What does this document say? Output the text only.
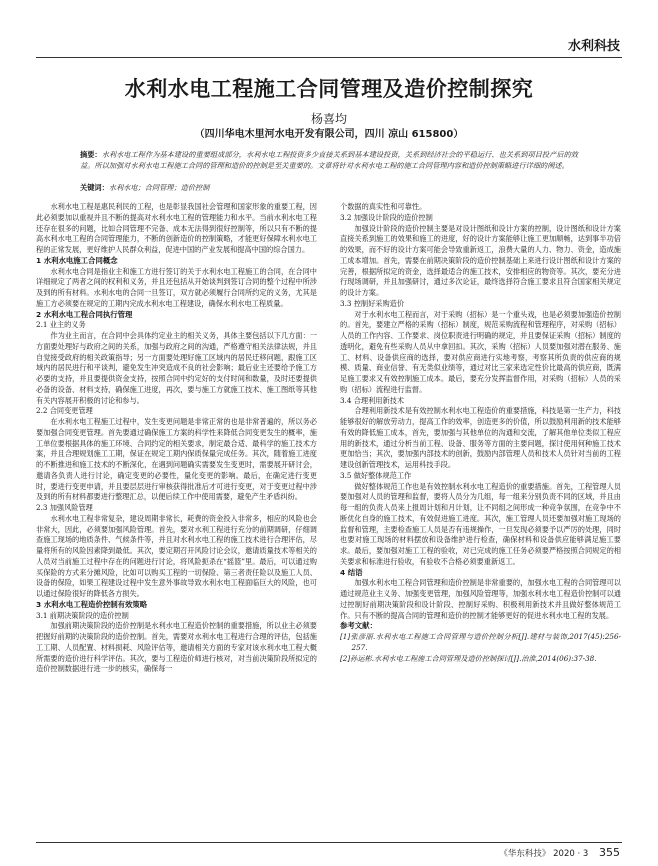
水利科技
水利水电工程施工合同管理及造价控制探究
杨喜均
（四川华电木里河水电开发有限公司，四川 凉山 615800）
摘要：水利水电工程作为基本建设的重要组成部分，水利水电工程投资多少直接关系到基本建设投资，关系到经济社会的平稳运行、也关系到项目投产后的效益。所以加强对水利水电工程施工合同的管理和造价的控制是至关重要的。文章将针对水利水电工程的施工合同管理内容和造价控制策略进行详细的阐述。
关键词：水利水电；合同管理；造价控制

水利水电工程是惠民利民的工程，也是彰显我国社会管理和国家形象的重要工程，因此必须要加以重视并且不断的提高对水利水电工程的管理能力和水平。当前水利水电工程还存在很多的问题，比如合同管理不完备、成本无法得到很好控制等，所以只有不断的提高水利水电工程的合同管理能力，不断的创新造价的控制策略，才能更好保障水利水电工程的正常发展，更好维护人民群众利益，促进中国的产业发展和提高中国的综合国力。

1 水利水电施工合同概念

水利水电合同是指业主和施工方进行签订的关于水利水电工程施工的合同，在合同中详细规定了两者之间的权利和义务，并且还包括从开始谈判到签订合同的整个过程中所涉及到的所有材料。水利水电的合同一旦签订，双方就必须履行合同所约定的义务，尤其是施工方必须要在规定的工期内完成水利水电工程建设，确保水利水电工程质量。

2 水利水电工程合同执行管理
2.1 业主的义务

作为业主而言，在合同中会具体约定业主的相关义务，具体主要包括以下几方面：一方面要处理好与政府之间的关系，加强与政府之间的沟通，严格遵守相关法律法规，并且自觉接受政府的相关政策指导；另一方面要处理好施工区域内的居民迁移问题，跟施工区域内的居民进行和平谈判，避免发生冲突造成不良的社会影响；最后业主还要给予施工方必要的支持，并且要提供资金支持，按照合同中约定好的支付时间和数量，及时还要提供必备的设备、材料支持，确保施工进度，再次，要与施工方就施工技术、施工图纸等其他有关内容展开积极的讨论和参与。

2.2 合同变更管理

在水利水电工程施工过程中，发生变更问题是非常正常的也是非常普遍的，所以务必要加强合同变更管理。首先要通过确保施工方案的科学性来降低合同变更发生的概率，施工单位要根据具体的施工环境、合同约定的相关要求，制定最合适、最科学的施工技术方案，并且合理规划施工工期，保证在规定工期内保质保量完成任务。其次，随着施工进度的不断推进和施工技术的不断深化，在遇到问题确实需要发生变更时，需要展开研讨会，邀请各负责人进行讨论，确定变更的必要性，量化变更的影响。最后，在确定进行变更时，要进行变更申请，并且要层层进行审核获得批准后才可进行变更，对于变更过程中涉及到的所有材料都要进行整理汇总，以便后续工作中使用需要，避免产生矛盾纠纷。

2.3 加强风险管理

水利水电工程非常复杂，建设周期非常长，耗费的资金投入非常多，相应的风险也会非常大，因此，必须要加强风险管理。首先，要对水利工程进行充分的前期调研，仔细调查施工现场的地质条件、气候条件等，并且对水利水电工程的施工技术进行合理评估，尽量将所有的风险因素降到最低。其次，要定期召开风险讨论会议，邀请质量技术等相关的人员对当前施工过程中存在的问题进行讨论，将风险扼杀在“摇篮”里。最后，可以通过购买保险的方式来分摊风险，比如可以购买工程的一切保险、第三者责任险以及施工人员、设备的保险，如果工程建设过程中发生意外事故导致水利水电工程面临巨大的风险，也可以通过保险很好的降低各方损失。

3 水利水电工程造价控制有效策略
3.1 前期决策阶段的造价控制

加强前期决策阶段的造价控制是水利水电工程造价控制的重要措施，所以业主必须要把握好前期的决策阶段的造价控制。首先，需要对水利水电工程进行合理的评估，包括施工工期、人员配置、材料损耗、风险评估等，邀请相关方面的专家对该水利水电工程大概所需要的造价进行科学评估。其次，要与工程造价师进行核对，对当前决策阶段所拟定的造价控制数据进行进一步的核实，确保每一

个数据的真实性和可靠性。

3.2 加强设计阶段的造价控制

加强设计阶段的造价控制主要是对设计图纸和设计方案的控制，设计图纸和设计方案直接关系到施工的效果和施工的进度，好的设计方案能够让施工更加顺畅，达到事半功倍的效果，而不好的设计方案可能会导致重新返工，浪费大量的人力、物力、资金，造成施工成本增加。首先，需要在前期决策阶段的造价控制基础上来进行设计图纸和设计方案的完善，根据所拟定的资金，选择最适合的施工技术，安排相应的物资等。其次，要充分进行现场调研，并且加强研讨，通过多次论证，最终选择符合施工要求且符合国家相关规定的设计方案。

3.3 控制好采购造价

对于水利水电工程而言，对于采购（招标）是一个重头戏，也是必须要加强造价控制的。首先，要建立严格的采购（招标）制度，规范采购流程和管理程序，对采购（招标）人员的工作内容、工作要求、岗位职责进行明确的规定，并且要保证采购（招标）制度的透明化，避免有些采购人员从中拿回扣。其次，采购（招标）人员要加强对潜在服务、施工、材料、设备供应商的选择，要对供应商进行实地考察，考察其所负责的供应商的规模、质量、商业信誉、有无类似业绩等，通过对比三家来选定性价比最高的供应商，既满足施工要求又有效控制施工成本。最后，要充分发挥监督作用，对采购（招标）人员的采购（招标）流程进行监督。

3.4 合理利用新技术

合理利用新技术是有效控制水利水电工程造价的重要措施，科技是第一生产力，科技能够很好的解放劳动力，提高工作的效率，创造更多的价值，所以鼓励利用新的技术能够有效的降低施工成本，首先，要加强与其他单位的沟通和交流，了解其他单位类似工程应用的新技术，通过分析当前工程、设备、服务等方面的主要问题，探讨使用何种施工技术更加恰当；其次，要加强内部技术的创新，鼓励内部管理人员和技术人员针对当前的工程建设创新管理技术，运用科技手段。

3.5 做好整体规范工作

做好整体规范工作也是有效控制水利水电工程造价的重要措施。首先，工程管理人员要加强对人员的管理和监督，要将人员分为几组，每一组来分别负责不同的区域，并且由每一组的负责人员来上报周计划和月计划，让不同组之间形成一种竞争氛围，在竞争中不断优化自身的施工技术，有效促进施工进度。其次，施工管理人员还要加强对施工现场的监督和管理，主要检查施工人员是否有违规操作，一旦发现必须要予以严厉的处理，同时也要对施工现场的材料摆放和设备维护进行检查，确保材料和设备供应能够满足施工要求。最后，要加强对施工工程的验收，对已完成的施工任务必须要严格按照合同规定的相关要求和标准进行验收，有验收不合格必须要重新返工。

4 结语

加强水利水电工程合同管理和造价控制是非常重要的，加强水电工程的合同管理可以通过规范业主义务、加强变更管理，加强风险管理等，加强水利水电工程造价控制可以通过控制好前期决策阶段和设计阶段、控制好采购、积极利用新技术并且做好整体规范工作。只有不断的提高合同的管理和造价的控制才能够更好的促进水利水电工程的发展。

参考文献：

[1]张彦丽.水利水电工程施工合同管理与造价控制分析[J].建材与装饰,2017(45):256-257.

[2]孙运彬.水利水电工程施工合同管理及造价控制探讨[J].治淮,2014(06):37-38.

《华东科技》 2020 · 3 355
